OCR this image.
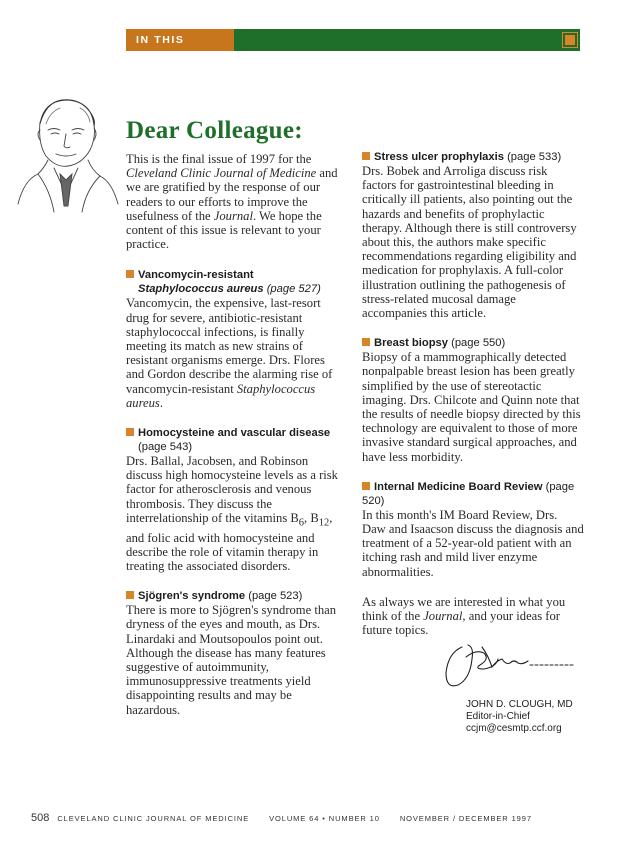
IN THIS ISSUE
Dear Colleague:

This is the final issue of 1997 for the Cleveland Clinic Journal of Medicine and we are gratified by the response of our readers to our efforts to improve the usefulness of the Journal. We hope the content of this issue is relevant to your practice.

Vancomycin-resistant
Staphylococcus aureus (page 527)

Vancomycin, the expensive, last-resort drug for severe, antibiotic-resistant staphylococcal infections, is finally meeting its match as new strains of resistant organisms emerge. Drs. Flores and Gordon describe the alarming rise of vancomycin-resistant Staphylococcus aureus.

Homocysteine and vascular disease
(page 543)

Drs. Ballal, Jacobsen, and Robinson discuss high homocysteine levels as a risk factor for atherosclerosis and venous thrombosis. They discuss the interrelationship of the vitamins $B_6$, $B_{12}$, and folic acid with homocysteine and describe the role of vitamin therapy in treating the associated disorders.

Sjögren's syndrome (page 523)

There is more to Sjögren's syndrome than dryness of the eyes and mouth, as Drs. Linardaki and Moutsopoulos point out. Although the disease has many features suggestive of autoimmunity, immunosuppressive treatments yield disappointing results and may be hazardous.

Stress ulcer prophylaxis (page 533)

Drs. Bobek and Arroliga discuss risk factors for gastrointestinal bleeding in critically ill patients, also pointing out the hazards and benefits of prophylactic therapy. Although there is still controversy about this, the authors make specific recommendations regarding eligibility and medication for prophylaxis. A full-color illustration outlining the pathogenesis of stress-related mucosal damage accompanies this article.

Breast biopsy (page 550)

Biopsy of a mammographically detected nonpalpable breast lesion has been greatly simplified by the use of stereotactic imaging. Drs. Chilcote and Quinn note that the results of needle biopsy directed by this technology are equivalent to those of more invasive standard surgical approaches, and have less morbidity.

Internal Medicine Board Review (page 520)

In this month's IM Board Review, Drs. Daw and Isaacson discuss the diagnosis and treatment of a 52-year-old patient with an itching rash and mild liver enzyme abnormalities.

As always we are interested in what you think of the Journal, and your ideas for future topics.

JOHN D. CLOUGH, MD
Editor-in-Chief
ccjm@cesmtp.ccf.org
508 CLEVELAND CLINIC JOURNAL OF MEDICINE	VOLUME 64 • NUMBER 10	NOVEMBER / DECEMBER 1997
